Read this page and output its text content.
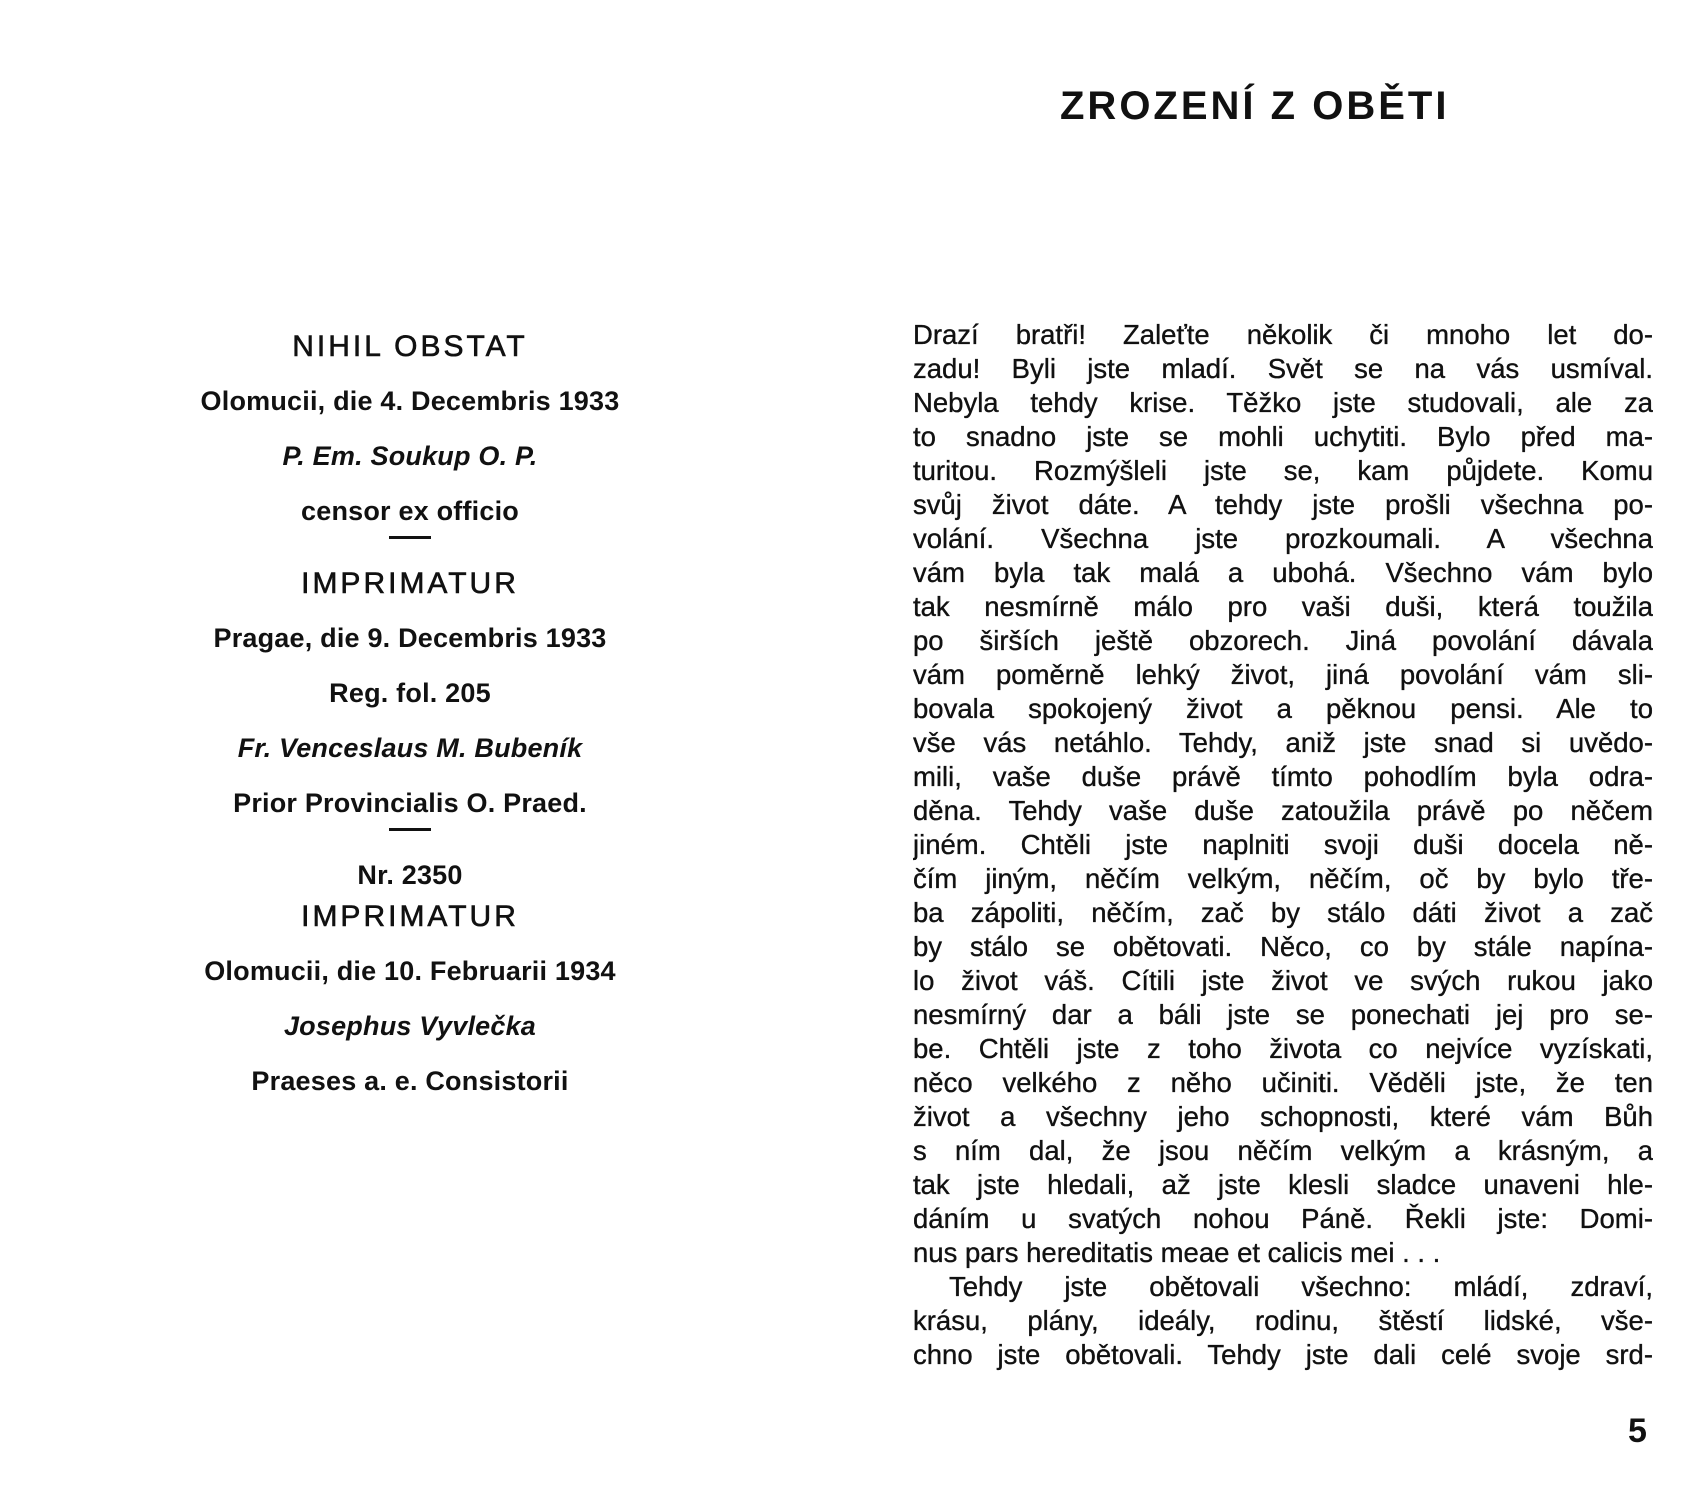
NIHIL OBSTAT
Olomucii, die 4. Decembris 1933
P. Em. Soukup O. P.
censor ex officio
IMPRIMATUR
Pragae, die 9. Decembris 1933
Reg. fol. 205
Fr. Venceslaus M. Bubeník
Prior Provincialis O. Praed.
Nr. 2350
IMPRIMATUR
Olomucii, die 10. Februarii 1934
Josephus Vyvlečka
Praeses a. e. Consistorii
ZROZENÍ Z OBĚTI
Drazí bratři! Zaleťte několik či mnoho let do-
zadu! Byli jste mladí. Svět se na vás usmíval.
Nebyla tehdy krise. Těžko jste studovali, ale za
to snadno jste se mohli uchytiti. Bylo před ma-
turitou. Rozmýšleli jste se, kam půjdete. Komu
svůj život dáte. A tehdy jste prošli všechna po-
volání. Všechna jste prozkoumali. A všechna
vám byla tak malá a ubohá. Všechno vám bylo
tak nesmírně málo pro vaši duši, která toužila
po širších ještě obzorech. Jiná povolání dávala
vám poměrně lehký život, jiná povolání vám sli-
bovala spokojený život a pěknou pensi. Ale to
vše vás netáhlo. Tehdy, aniž jste snad si uvědo-
mili, vaše duše právě tímto pohodlím byla odra-
děna. Tehdy vaše duše zatoužila právě po něčem
jiném. Chtěli jste naplniti svoji duši docela ně-
čím jiným, něčím velkým, něčím, oč by bylo tře-
ba zápoliti, něčím, zač by stálo dáti život a zač
by stálo se obětovati. Něco, co by stále napína-
lo život váš. Cítili jste život ve svých rukou jako
nesmírný dar a báli jste se ponechati jej pro se-
be. Chtěli jste z toho života co nejvíce vyzískati,
něco velkého z něho učiniti. Věděli jste, že ten
život a všechny jeho schopnosti, které vám Bůh
s ním dal, že jsou něčím velkým a krásným, a
tak jste hledali, až jste klesli sladce unaveni hle-
dáním u svatých nohou Páně. Řekli jste: Domi-
nus pars hereditatis meae et calicis mei . . .
Tehdy jste obětovali všechno: mládí, zdraví,
krásu, plány, ideály, rodinu, štěstí lidské, vše-
chno jste obětovali. Tehdy jste dali celé svoje srd-
5
